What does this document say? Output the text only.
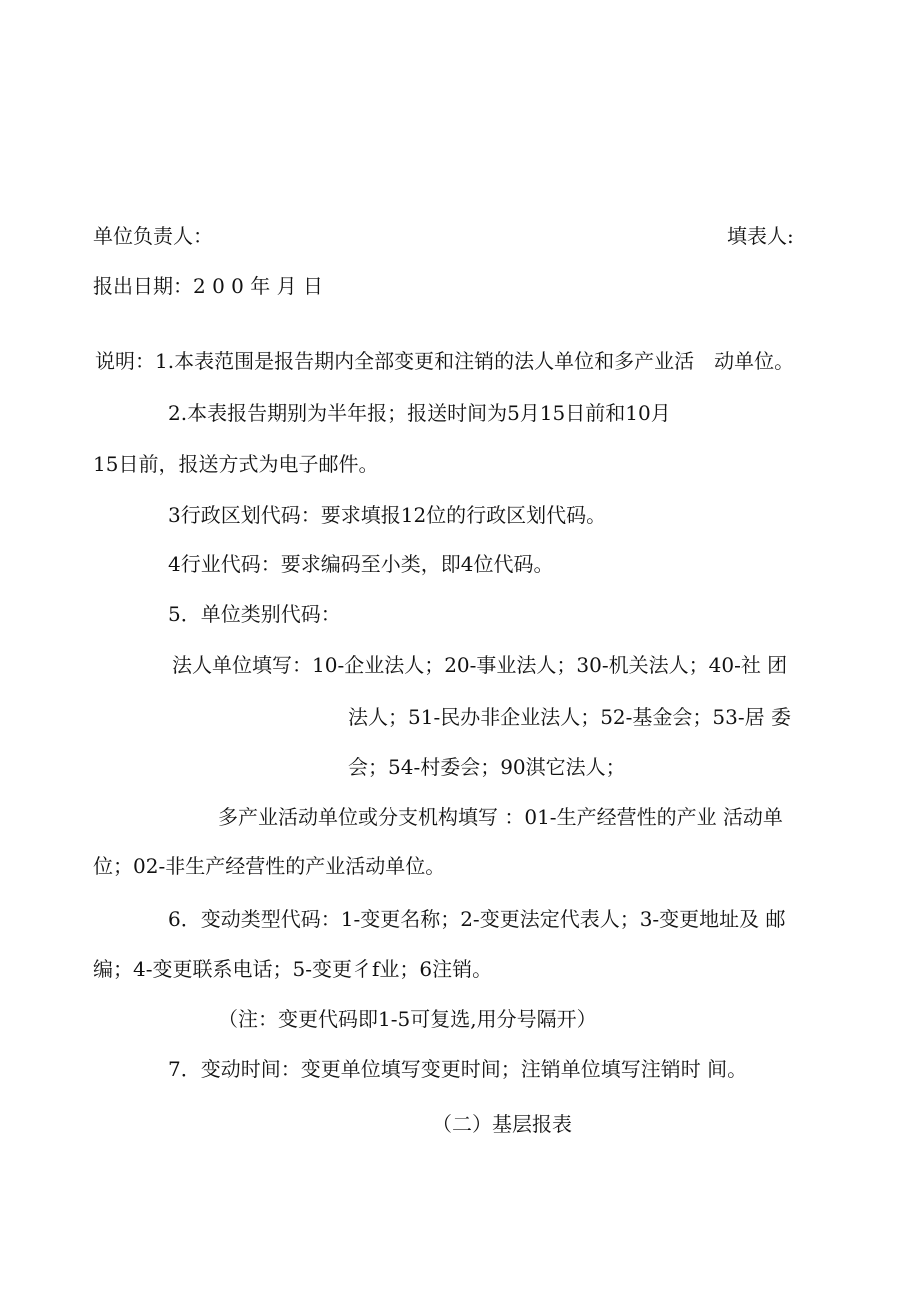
单位负责人：	填表人:
报出日期：2 0 0 年 月 日
说明：1.本表范围是报告期内全部变更和注销的法人单位和多产业活　动单位。
2.本表报告期别为半年报；报送时间为5月15日前和10月
15日前，报送方式为电子邮件。
3行政区划代码：要求填报12位的行政区划代码。
4行业代码：要求编码至小类，即4位代码。
5．单位类别代码：
法人单位填写：10-企业法人；20-事业法人；30-机关法人；40-社 团
法人；51-民办非企业法人；52-基金会；53-居 委
会；54-村委会；90淇它法人；
多产业活动单位或分支机构填写 ：01-生产经营性的产业 活动单
位；02-非生产经营性的产业活动单位。
6．变动类型代码：1-变更名称；2-变更法定代表人；3-变更地址及 邮
编；4-变更联系电话；5-变更彳f业；6注销。
（注：变更代码即1-5可复选,用分号隔开）
7．变动时间：变更单位填写变更时间；注销单位填写注销时 间。
（二）基层报表
